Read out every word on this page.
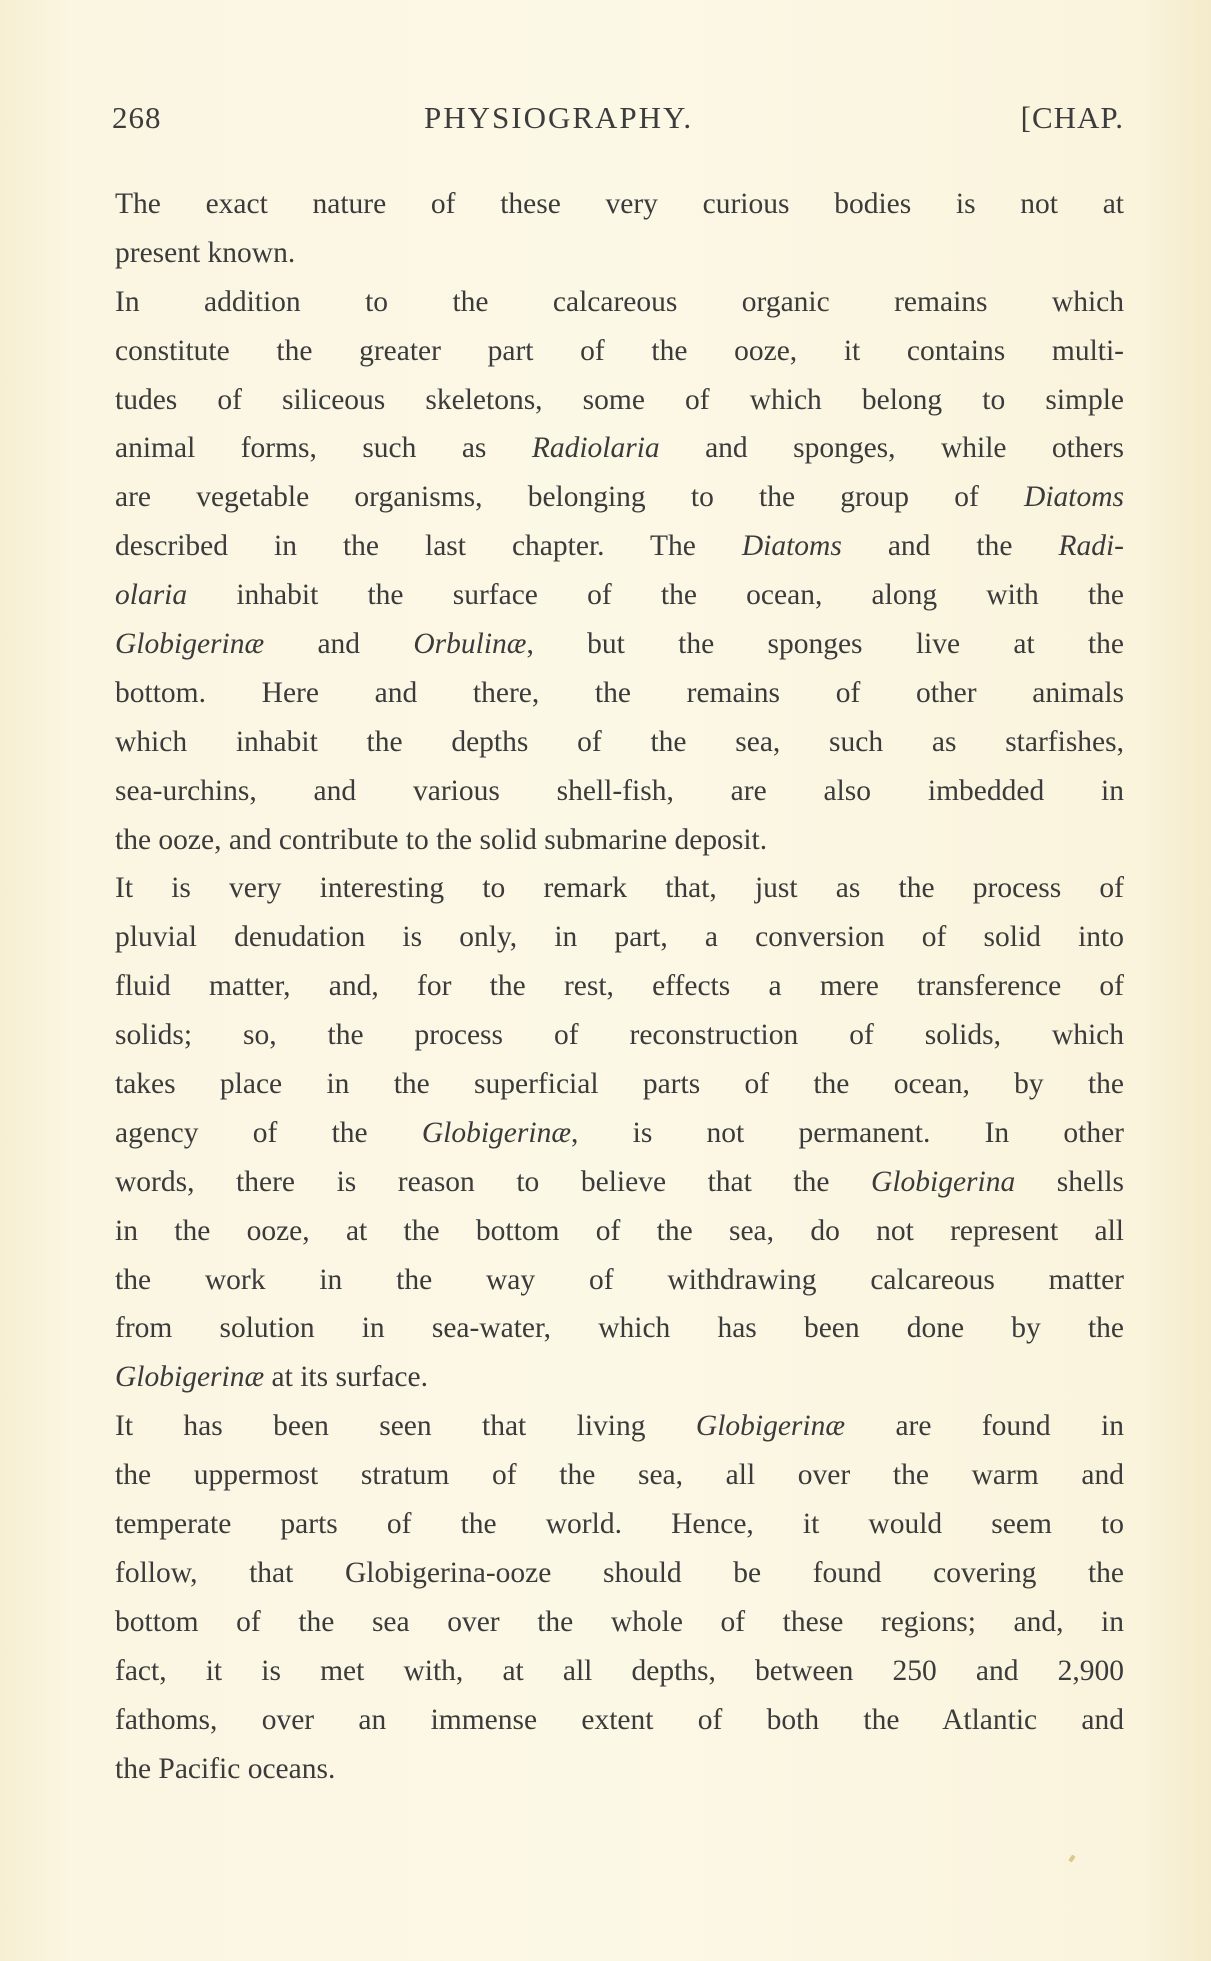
268	PHYSIOGRAPHY.	[CHAP.
The exact nature of these very curious bodies is not at
present known.
In addition to the calcareous organic remains which
constitute the greater part of the ooze, it contains multi-
tudes of siliceous skeletons, some of which belong to simple
animal forms, such as Radiolaria and sponges, while others
are vegetable organisms, belonging to the group of Diatoms
described in the last chapter. The Diatoms and the Radi-
olaria inhabit the surface of the ocean, along with the
Globigerinæ and Orbulinæ, but the sponges live at the
bottom. Here and there, the remains of other animals
which inhabit the depths of the sea, such as starfishes,
sea-urchins, and various shell-fish, are also imbedded in
the ooze, and contribute to the solid submarine deposit.
It is very interesting to remark that, just as the process of
pluvial denudation is only, in part, a conversion of solid into
fluid matter, and, for the rest, effects a mere transference of
solids; so, the process of reconstruction of solids, which
takes place in the superficial parts of the ocean, by the
agency of the Globigerinæ, is not permanent. In other
words, there is reason to believe that the Globigerina shells
in the ooze, at the bottom of the sea, do not represent all
the work in the way of withdrawing calcareous matter
from solution in sea-water, which has been done by the
Globigerinæ at its surface.
It has been seen that living Globigerinæ are found in
the uppermost stratum of the sea, all over the warm and
temperate parts of the world. Hence, it would seem to
follow, that Globigerina-ooze should be found covering the
bottom of the sea over the whole of these regions; and, in
fact, it is met with, at all depths, between 250 and 2,900
fathoms, over an immense extent of both the Atlantic and
the Pacific oceans.
